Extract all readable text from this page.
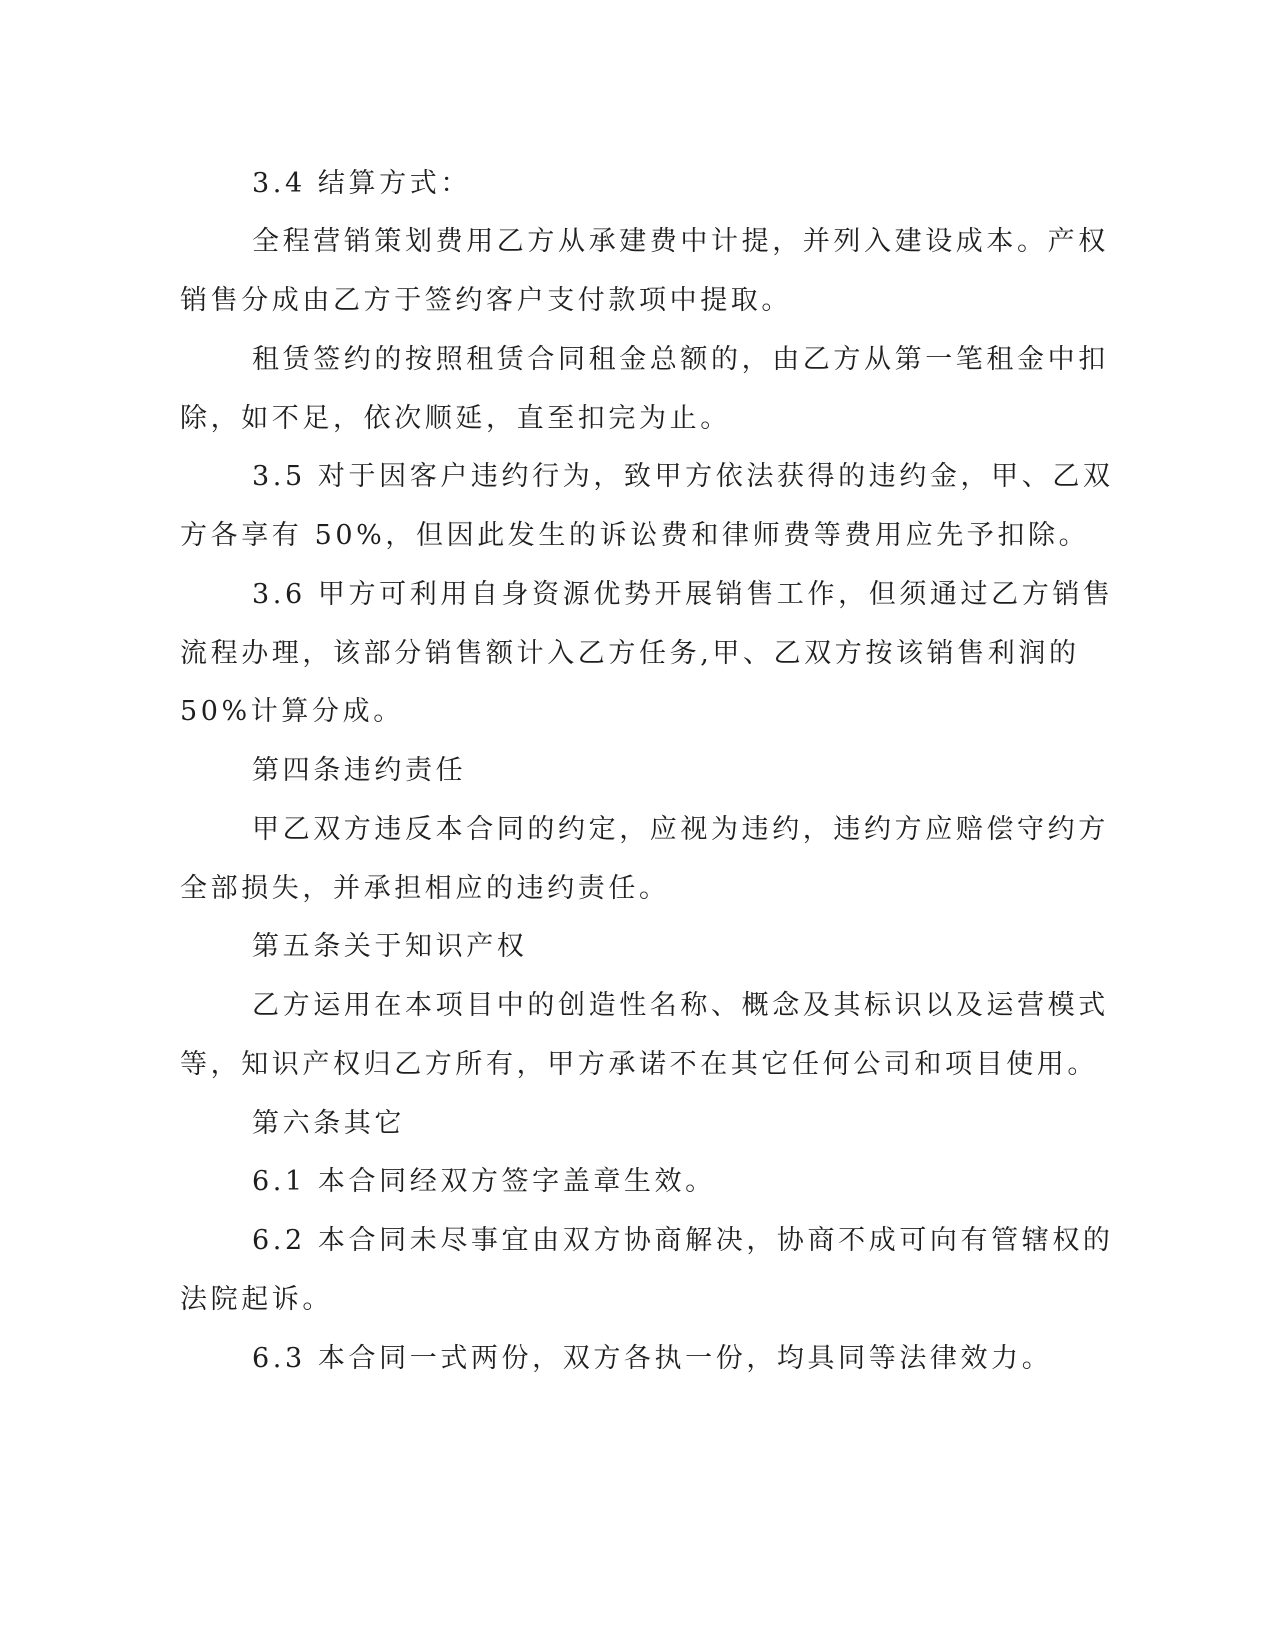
3.4 结算方式：
全程营销策划费用乙方从承建费中计提，并列入建设成本。产权
销售分成由乙方于签约客户支付款项中提取。
租赁签约的按照租赁合同租金总额的，由乙方从第一笔租金中扣
除，如不足，依次顺延，直至扣完为止。
3.5 对于因客户违约行为，致甲方依法获得的违约金，甲、乙双
方各享有 50%，但因此发生的诉讼费和律师费等费用应先予扣除。
3.6 甲方可利用自身资源优势开展销售工作，但须通过乙方销售
流程办理，该部分销售额计入乙方任务,甲、乙双方按该销售利润的
50%计算分成。
第四条违约责任
甲乙双方违反本合同的约定，应视为违约，违约方应赔偿守约方
全部损失，并承担相应的违约责任。
第五条关于知识产权
乙方运用在本项目中的创造性名称、概念及其标识以及运营模式
等，知识产权归乙方所有，甲方承诺不在其它任何公司和项目使用。
第六条其它
6.1 本合同经双方签字盖章生效。
6.2 本合同未尽事宜由双方协商解决，协商不成可向有管辖权的
法院起诉。
6.3 本合同一式两份，双方各执一份，均具同等法律效力。
